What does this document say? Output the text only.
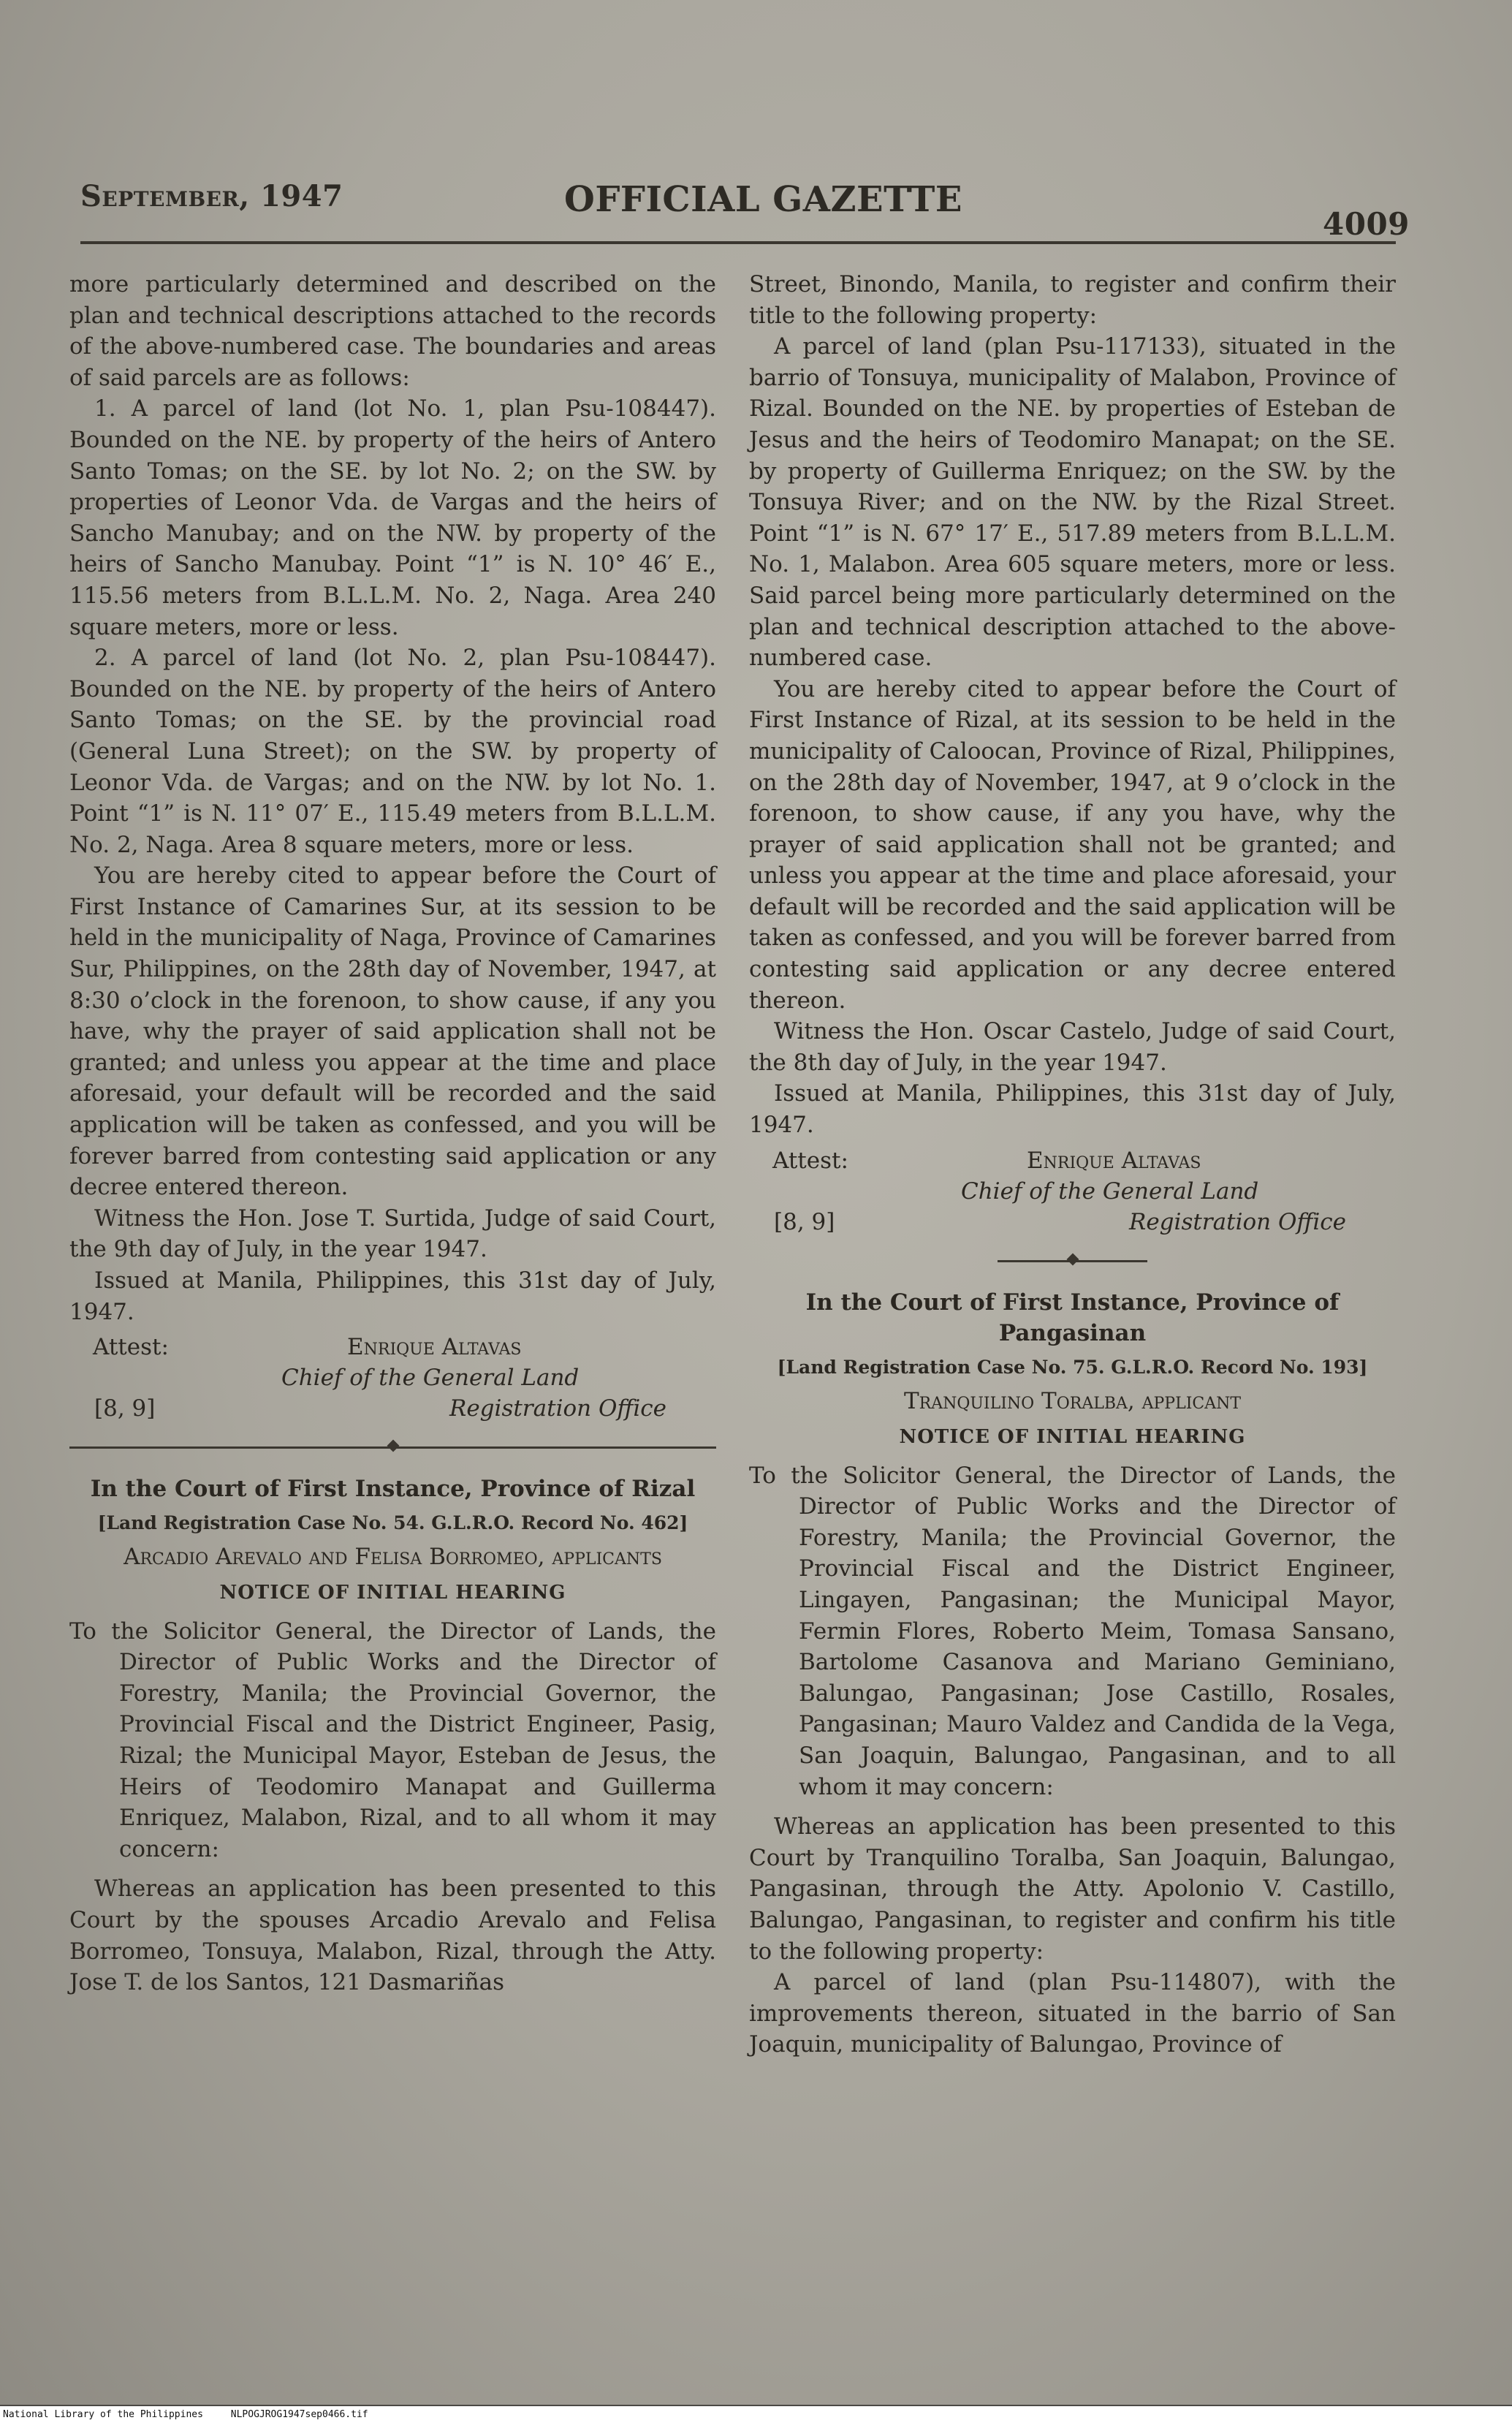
September, 1947	OFFICIAL GAZETTE
4009

more particularly determined and described on the plan and technical descriptions attached to the records of the above-numbered case. The boundaries and areas of said parcels are as follows:

1. A parcel of land (lot No. 1, plan Psu-108447). Bounded on the NE. by property of the heirs of Antero Santo Tomas; on the SE. by lot No. 2; on the SW. by properties of Leonor Vda. de Vargas and the heirs of Sancho Manubay; and on the NW. by property of the heirs of Sancho Manubay. Point “1” is N. 10° 46′ E., 115.56 meters from B.L.L.M. No. 2, Naga. Area 240 square meters, more or less.

2. A parcel of land (lot No. 2, plan Psu-108447). Bounded on the NE. by property of the heirs of Antero Santo Tomas; on the SE. by the provincial road (General Luna Street); on the SW. by property of Leonor Vda. de Vargas; and on the NW. by lot No. 1. Point “1” is N. 11° 07′ E., 115.49 meters from B.L.L.M. No. 2, Naga. Area 8 square meters, more or less.

You are hereby cited to appear before the Court of First Instance of Camarines Sur, at its session to be held in the municipality of Naga, Province of Camarines Sur, Philippines, on the 28th day of November, 1947, at 8:30 o’clock in the forenoon, to show cause, if any you have, why the prayer of said application shall not be granted; and unless you appear at the time and place aforesaid, your default will be recorded and the said application will be taken as confessed, and you will be forever barred from contesting said application or any decree entered thereon.

Witness the Hon. Jose T. Surtida, Judge of said Court, the 9th day of July, in the year 1947.

Issued at Manila, Philippines, this 31st day of July, 1947.

Attest:	Enrique Altavas
Chief of the General Land
[8, 9]	Registration Office
In the Court of First Instance, Province of Rizal
[Land Registration Case No. 54. G.L.R.O. Record No. 462]
Arcadio Arevalo and Felisa Borromeo, applicants
NOTICE OF INITIAL HEARING

To the Solicitor General, the Director of Lands, the Director of Public Works and the Director of Forestry, Manila; the Provincial Governor, the Provincial Fiscal and the District Engineer, Pasig, Rizal; the Municipal Mayor, Esteban de Jesus, the Heirs of Teodomiro Manapat and Guillerma Enriquez, Malabon, Rizal, and to all whom it may concern:

Whereas an application has been presented to this Court by the spouses Arcadio Arevalo and Felisa Borromeo, Tonsuya, Malabon, Rizal, through the Atty. Jose T. de los Santos, 121 Dasmariñas

Street, Binondo, Manila, to register and confirm their title to the following property:

A parcel of land (plan Psu-117133), situated in the barrio of Tonsuya, municipality of Malabon, Province of Rizal. Bounded on the NE. by properties of Esteban de Jesus and the heirs of Teodomiro Manapat; on the SE. by property of Guillerma Enriquez; on the SW. by the Tonsuya River; and on the NW. by the Rizal Street. Point “1” is N. 67° 17′ E., 517.89 meters from B.L.L.M. No. 1, Malabon. Area 605 square meters, more or less. Said parcel being more particularly determined on the plan and technical description attached to the above-numbered case.

You are hereby cited to appear before the Court of First Instance of Rizal, at its session to be held in the municipality of Caloocan, Province of Rizal, Philippines, on the 28th day of November, 1947, at 9 o’clock in the forenoon, to show cause, if any you have, why the prayer of said application shall not be granted; and unless you appear at the time and place aforesaid, your default will be recorded and the said application will be taken as confessed, and you will be forever barred from contesting said application or any decree entered thereon.

Witness the Hon. Oscar Castelo, Judge of said Court, the 8th day of July, in the year 1947.

Issued at Manila, Philippines, this 31st day of July, 1947.

Attest:	Enrique Altavas
Chief of the General Land
[8, 9]	Registration Office
In the Court of First Instance, Province of Pangasinan
[Land Registration Case No. 75. G.L.R.O. Record No. 193]
Tranquilino Toralba, applicant
NOTICE OF INITIAL HEARING

To the Solicitor General, the Director of Lands, the Director of Public Works and the Director of Forestry, Manila; the Provincial Governor, the Provincial Fiscal and the District Engineer, Lingayen, Pangasinan; the Municipal Mayor, Fermin Flores, Roberto Meim, Tomasa Sansano, Bartolome Casanova and Mariano Geminiano, Balungao, Pangasinan; Jose Castillo, Rosales, Pangasinan; Mauro Valdez and Candida de la Vega, San Joaquin, Balungao, Pangasinan, and to all whom it may concern:

Whereas an application has been presented to this Court by Tranquilino Toralba, San Joaquin, Balungao, Pangasinan, through the Atty. Apolonio V. Castillo, Balungao, Pangasinan, to register and confirm his title to the following property:

A parcel of land (plan Psu-114807), with the improvements thereon, situated in the barrio of San Joaquin, municipality of Balungao, Province of

National Library of the Philippines	NLPOGJROG1947sep0466.tif
